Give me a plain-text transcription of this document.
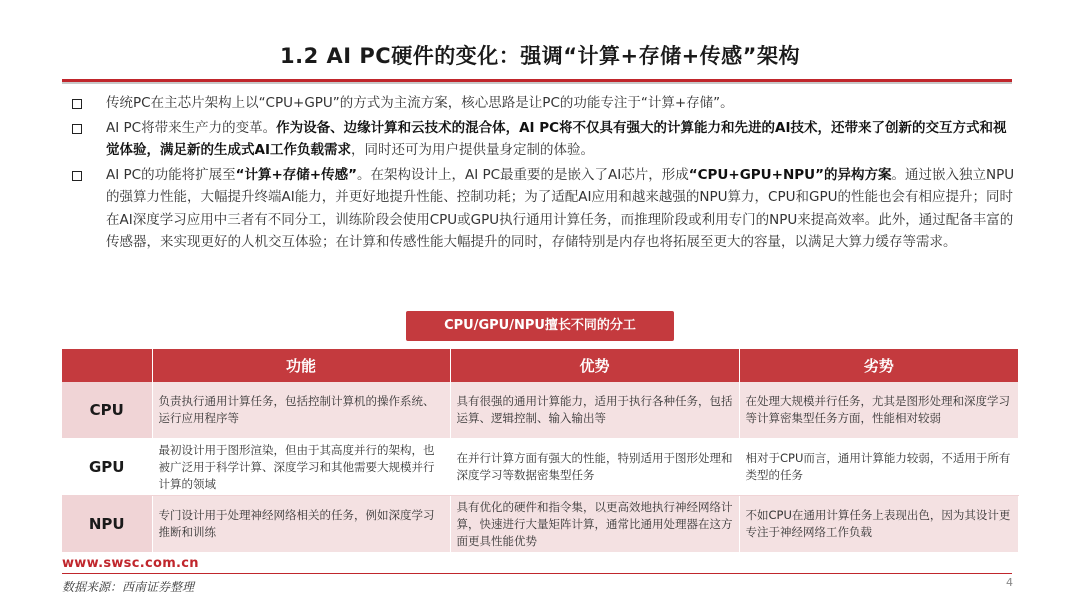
1.2 AI PC硬件的变化：强调“计算+存储+传感”架构
传统PC在主芯片架构上以“CPU+GPU”的方式为主流方案，核心思路是让PC的功能专注于“计算+存储”。
AI PC将带来生产力的变革。作为设备、边缘计算和云技术的混合体，AI PC将不仅具有强大的计算能力和先进的AI技术，还带来了创新的交互方式和视觉体验，满足新的生成式AI工作负载需求，同时还可为用户提供量身定制的体验。
AI PC的功能将扩展至“计算+存储+传感”。在架构设计上，AI PC最重要的是嵌入了AI芯片，形成“CPU+GPU+NPU”的异构方案。通过嵌入独立NPU的强算力性能，大幅提升终端AI能力，并更好地提升性能、控制功耗；为了适配AI应用和越来越强的NPU算力，CPU和GPU的性能也会有相应提升；同时在AI深度学习应用中三者有不同分工，训练阶段会使用CPU或GPU执行通用计算任务，而推理阶段或利用专门的NPU来提高效率。此外，通过配备丰富的传感器，来实现更好的人机交互体验；在计算和传感性能大幅提升的同时，存储特别是内存也将拓展至更大的容量，以满足大算力缓存等需求。
CPU/GPU/NPU擅长不同的分工
	功能	优势	劣势
CPU	负责执行通用计算任务，包括控制计算机的操作系统、运行应用程序等	具有很强的通用计算能力，适用于执行各种任务，包括运算、逻辑控制、输入输出等	在处理大规模并行任务，尤其是图形处理和深度学习等计算密集型任务方面，性能相对较弱
GPU	最初设计用于图形渲染，但由于其高度并行的架构，也被广泛用于科学计算、深度学习和其他需要大规模并行计算的领域	在并行计算方面有强大的性能，特别适用于图形处理和深度学习等数据密集型任务	相对于CPU而言，通用计算能力较弱，不适用于所有类型的任务
NPU	专门设计用于处理神经网络相关的任务，例如深度学习推断和训练	具有优化的硬件和指令集，以更高效地执行神经网络计算，快速进行大量矩阵计算，通常比通用处理器在这方面更具性能优势	不如CPU在通用计算任务上表现出色，因为其设计更专注于神经网络工作负载
www.swsc.com.cn
数据来源：西南证券整理	4
